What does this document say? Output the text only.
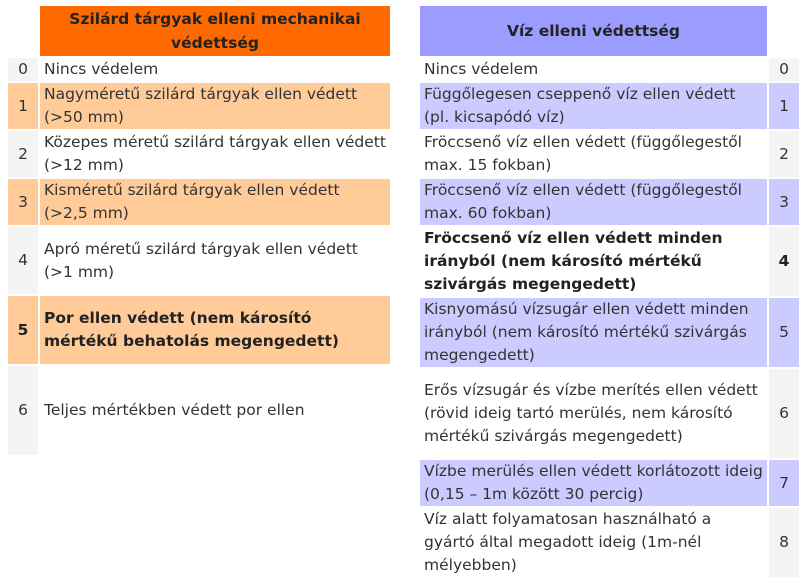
		Szilárd tárgyak elleni mechanikai védettség
0		Nincs védelem
1		Nagyméretű szilárd tárgyak ellen védett (>50 mm)
2		Közepes méretű szilárd tárgyak ellen védett (>12 mm)
3		Kisméretű szilárd tárgyak ellen védett (>2,5 mm)
4		Apró méretű szilárd tárgyak ellen védett (>1 mm)
5		Por ellen védett (nem károsító mértékű behatolás megengedett)
6		Teljes mértékben védett por ellen
Víz elleni védettség		
Nincs védelem		0
Függőlegesen cseppenő víz ellen védett (pl. kicsapódó víz)		1
Fröccsenő víz ellen védett (függőlegestől max. 15 fokban)		2
Fröccsenő víz ellen védett (függőlegestől max. 60 fokban)		3
Fröccsenő víz ellen védett minden irányból (nem károsító mértékű szivárgás megengedett)		4
Kisnyomású vízsugár ellen védett minden irányból (nem károsító mértékű szivárgás megengedett)		5
Erős vízsugár és vízbe merítés ellen védett (rövid ideig tartó merülés, nem károsító mértékű szivárgás megengedett)		6
Vízbe merülés ellen védett korlátozott ideig (0,15 – 1m között 30 percig)		7
Víz alatt folyamatosan használható a gyártó által megadott ideig (1m-nél mélyebben)		8
